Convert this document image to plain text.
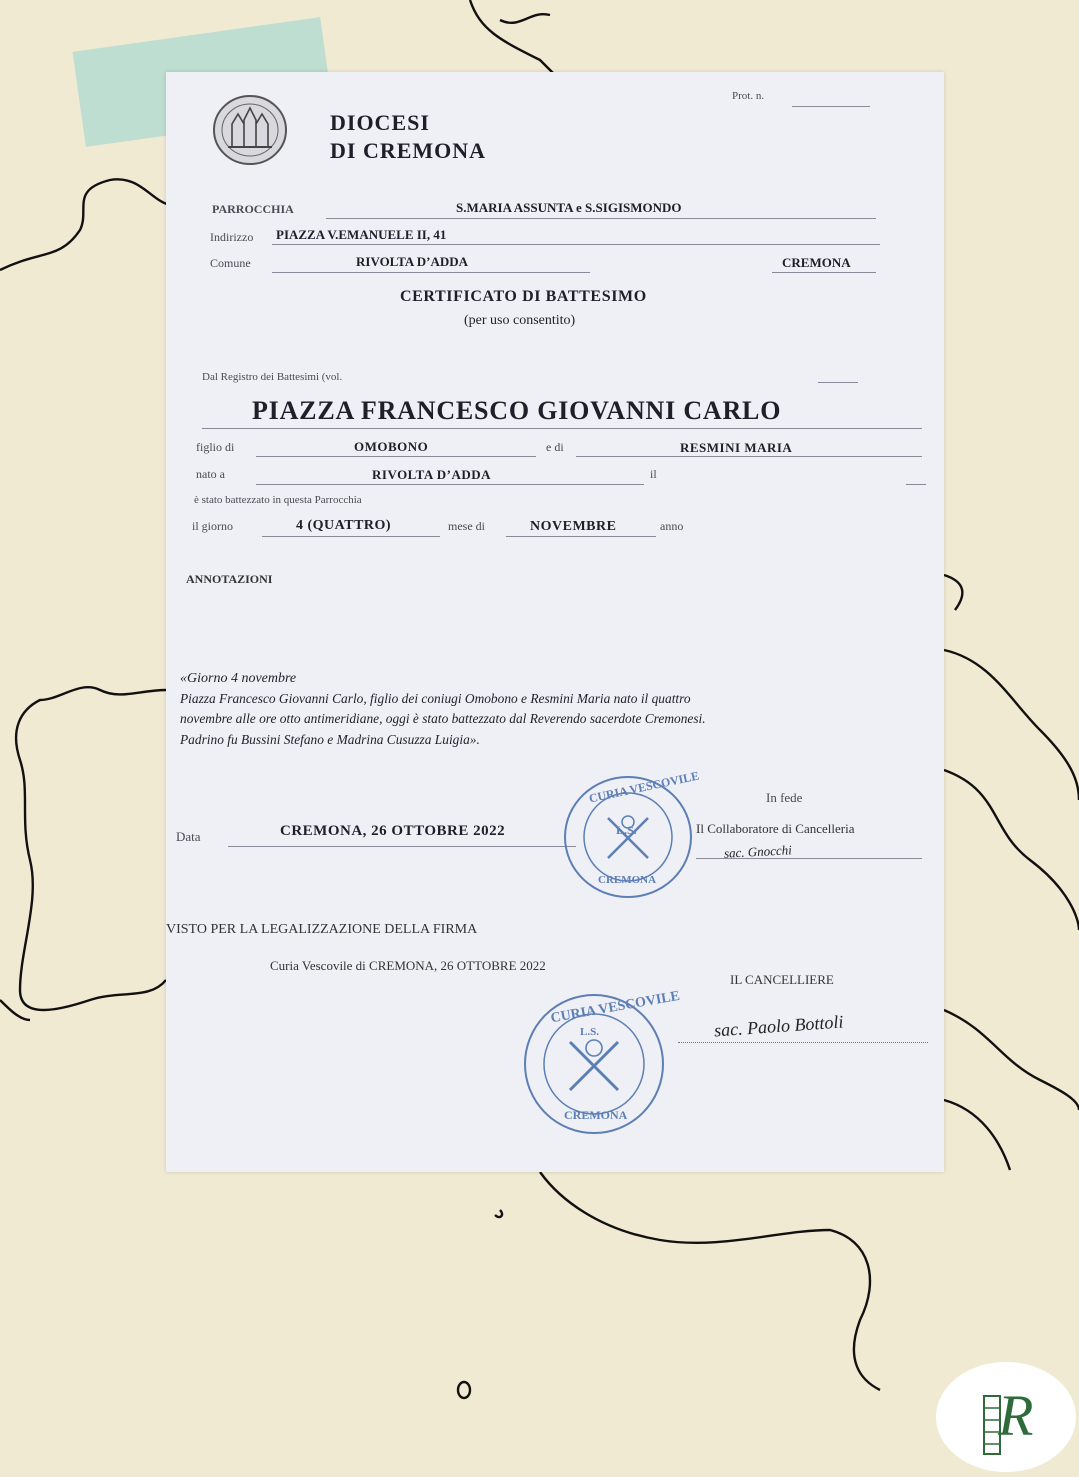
DIOCESI
DI CREMONA
Prot. n.
PARROCCHIA	S.MARIA ASSUNTA e S.SIGISMONDO
Indirizzo PIAZZA V.EMANUELE II, 41
Comune	RIVOLTA D’ADDA	CREMONA
CERTIFICATO DI BATTESIMO
(per uso consentito)
Dal Registro dei Battesimi (vol.
PIAZZA FRANCESCO GIOVANNI CARLO
figlio di	OMOBONO	e di	RESMINI MARIA
nato a	RIVOLTA D’ADDA	il
è stato battezzato in questa Parrocchia
il giorno	4 (QUATTRO)	mese di	NOVEMBRE	anno
ANNOTAZIONI
«Giorno 4 novembre
Piazza Francesco Giovanni Carlo, figlio dei coniugi Omobono e Resmini Maria nato il quattro
novembre alle ore otto antimeridiane, oggi è stato battezzato dal Reverendo sacerdote Cremonesi.
Padrino fu Bussini Stefano e Madrina Cusuzza Luigia».
In fede
Data	CREMONA, 26 OTTOBRE 2022	Il Collaboratore di Cancelleria
sac. Gnocchi
CURIA VESCOVILE
L.S.
CREMONA
VISTO PER LA LEGALIZZAZIONE DELLA FIRMA
Curia Vescovile di CREMONA, 26 OTTOBRE 2022
IL CANCELLIERE
sac. Paolo Bottoli
CURIA VESCOVILE
L.S.
CREMONA
R
